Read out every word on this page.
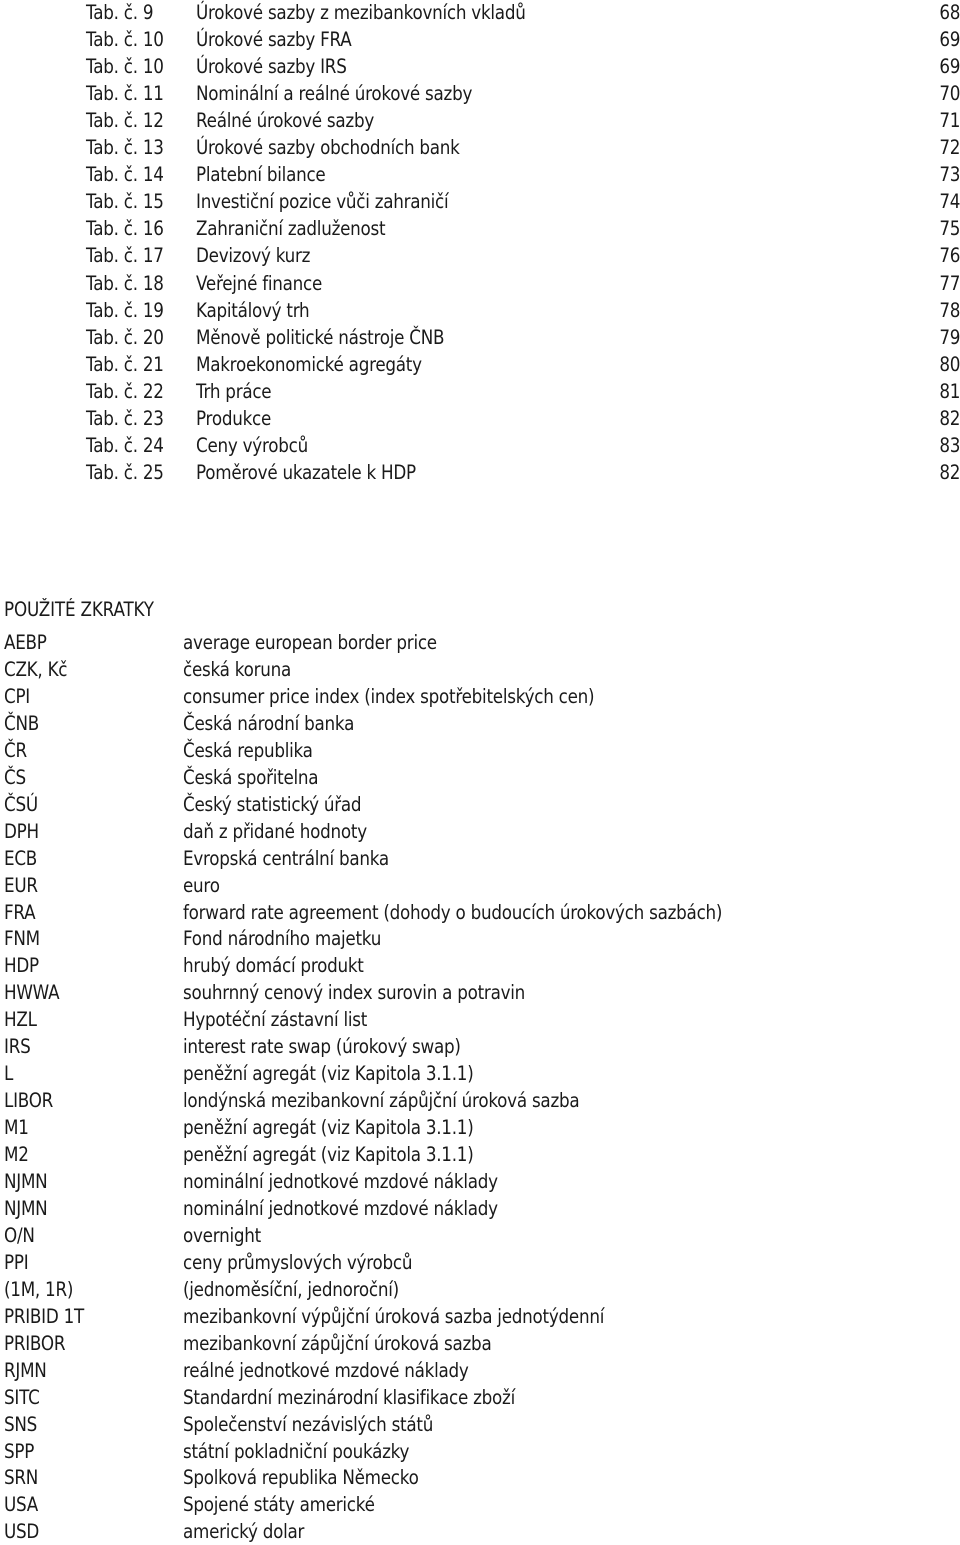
Tab. č. 9 Úrokové sazby z mezibankovních vkladů	68
Tab. č. 10 Úrokové sazby FRA	69
Tab. č. 10 Úrokové sazby IRS	69
Tab. č. 11 Nominální a reálné úrokové sazby	70
Tab. č. 12 Reálné úrokové sazby	71
Tab. č. 13 Úrokové sazby obchodních bank	72
Tab. č. 14 Platební bilance	73
Tab. č. 15 Investiční pozice vůči zahraničí	74
Tab. č. 16 Zahraniční zadluženost	75
Tab. č. 17 Devizový kurz	76
Tab. č. 18 Veřejné finance	77
Tab. č. 19 Kapitálový trh	78
Tab. č. 20 Měnově politické nástroje ČNB	79
Tab. č. 21 Makroekonomické agregáty	80
Tab. č. 22 Trh práce	81
Tab. č. 23 Produkce	82
Tab. č. 24 Ceny výrobců	83
Tab. č. 25 Poměrové ukazatele k HDP	82
POUŽITÉ ZKRATKY
AEBP	average european border price
CZK, Kč	česká koruna
CPI	consumer price index (index spotřebitelských cen)
ČNB	Česká národní banka
ČR	Česká republika
ČS	Česká spořitelna
ČSÚ	Český statistický úřad
DPH	daň z přidané hodnoty
ECB	Evropská centrální banka
EUR	euro
FRA	forward rate agreement (dohody o budoucích úrokových sazbách)
FNM	Fond národního majetku
HDP	hrubý domácí produkt
HWWA	souhrnný cenový index surovin a potravin
HZL	Hypotéční zástavní list
IRS	interest rate swap (úrokový swap)
L	peněžní agregát (viz Kapitola 3.1.1)
LIBOR	londýnská mezibankovní zápůjční úroková sazba
M1	peněžní agregát (viz Kapitola 3.1.1)
M2	peněžní agregát (viz Kapitola 3.1.1)
NJMN	nominální jednotkové mzdové náklady
NJMN	nominální jednotkové mzdové náklady
O/N	overnight
PPI	ceny průmyslových výrobců
(1M, 1R)	(jednoměsíční, jednoroční)
PRIBID 1T	mezibankovní výpůjční úroková sazba jednotýdenní
PRIBOR	mezibankovní zápůjční úroková sazba
RJMN	reálné jednotkové mzdové náklady
SITC	Standardní mezinárodní klasifikace zboží
SNS	Společenství nezávislých států
SPP	státní pokladniční poukázky
SRN	Spolková republika Německo
USA	Spojené státy americké
USD	americký dolar
